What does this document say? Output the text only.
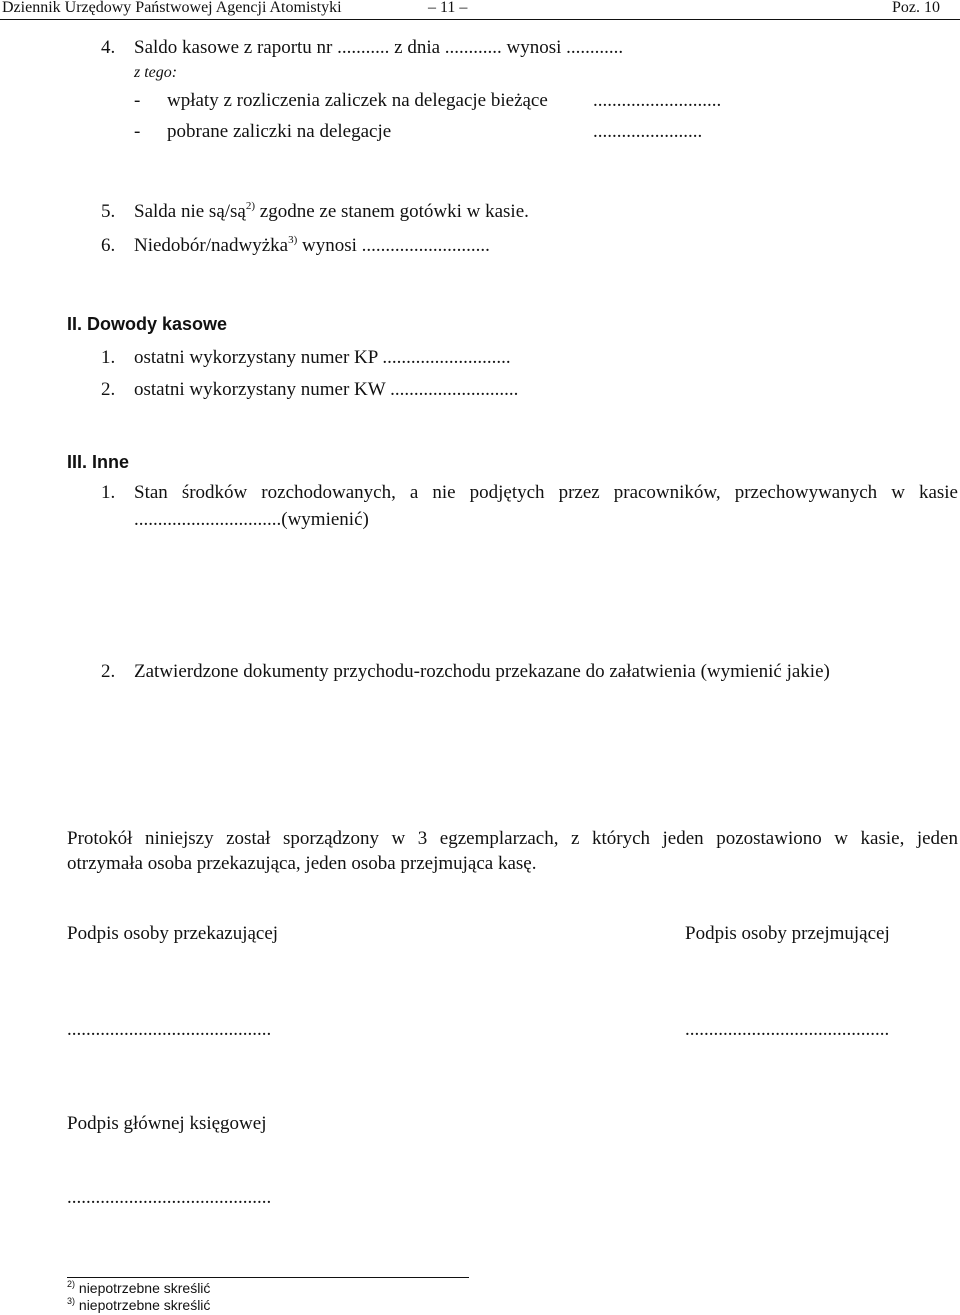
Dziennik Urzędowy Państwowej Agencji Atomistyki	– 11 –	Poz. 10
4. Saldo kasowe z raportu nr ........... z dnia ............ wynosi ............
z tego:
- wpłaty z rozliczenia zaliczek na delegacje bieżące ...........................
- pobrane zaliczki na delegacje	.......................
5. Salda nie $są/są^{2)}$ zgodne ze stanem gotówki w kasie.
6. Niedobór/nadwyżka$^{3)}$ wynosi ...........................
II. Dowody kasowe
1. ostatni wykorzystany numer KP ...........................
2. ostatni wykorzystany numer KW ...........................
III. Inne
1. Stan środków rozchodowanych, a nie podjętych przez pracowników, przechowywanych w kasie
...............................(wymienić)
2. Zatwierdzone dokumenty przychodu-rozchodu przekazane do załatwienia (wymienić jakie)
Protokół niniejszy został sporządzony w 3 egzemplarzach, z których jeden pozostawiono w kasie, jeden
otrzymała osoba przekazująca, jeden osoba przejmująca kasę.
Podpis osoby przekazującej	Podpis osoby przejmującej
...........................................	...........................................
Podpis głównej księgowej
...........................................
$^{2)}$ niepotrzebne skreślić
$^{3)}$ niepotrzebne skreślić
